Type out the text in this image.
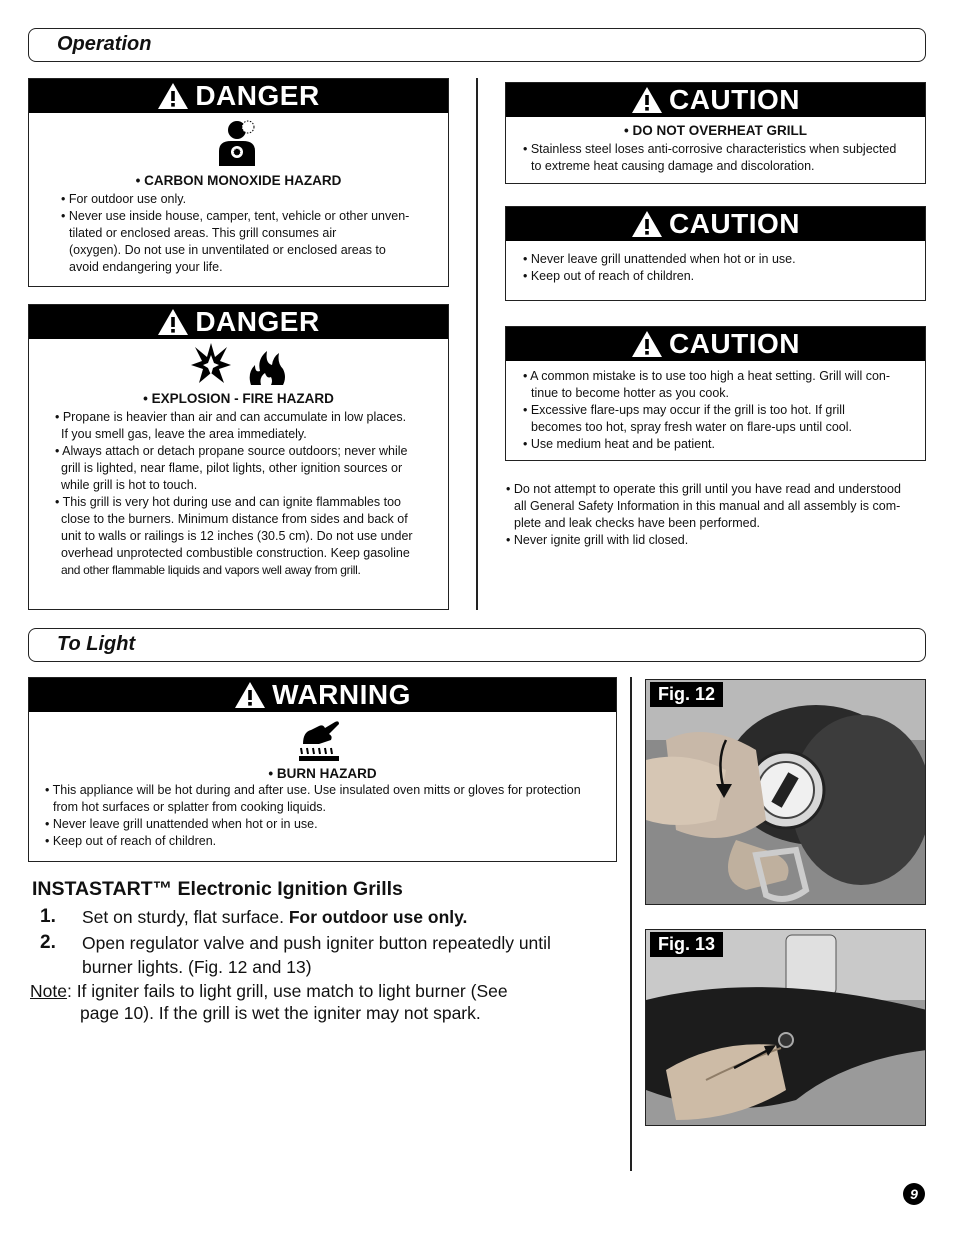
Operation
DANGER
• CARBON MONOXIDE HAZARD

• For outdoor use only.

• Never use inside house, camper, tent, vehicle or other unven-

tilated or enclosed areas. This grill consumes air

(oxygen). Do not use in unventilated or enclosed areas to

avoid endangering your life.

DANGER
• EXPLOSION - FIRE HAZARD

• Propane is heavier than air and can accumulate in low places.

If you smell gas, leave the area immediately.

• Always attach or detach propane source outdoors; never while

grill is lighted, near flame, pilot lights, other ignition sources or

while grill is hot to touch.

• This grill is very hot during use and can ignite flammables too

close to the burners. Minimum distance from sides and back of

unit to walls or railings is 12 inches (30.5 cm). Do not use under

overhead unprotected combustible construction. Keep gasoline

and other flammable liquids and vapors well away from grill.

CAUTION
• DO NOT OVERHEAT GRILL

• Stainless steel loses anti-corrosive characteristics when subjected

to extreme heat causing damage and discoloration.

CAUTION

• Never leave grill unattended when hot or in use.

• Keep out of reach of children.

CAUTION

• A common mistake is to use too high a heat setting. Grill will con-

tinue to become hotter as you cook.

• Excessive flare-ups may occur if the grill is too hot. If grill

becomes too hot, spray fresh water on flare-ups until cool.

• Use medium heat and be patient.

• Do not attempt to operate this grill until you have read and understood

all General Safety Information in this manual and all assembly is com-

plete and leak checks have been performed.

• Never ignite grill with lid closed.

To Light
WARNING
• BURN HAZARD

• This appliance will be hot during and after use. Use insulated oven mitts or gloves for protection

from hot surfaces or splatter from cooking liquids.

• Never leave grill unattended when hot or in use.

• Keep out of reach of children.

INSTASTART™ Electronic Ignition Grills
1. Set on sturdy, flat surface. For outdoor use only.
2. Open regulator valve and push igniter button repeatedly until
burner lights. (Fig. 12 and 13)
Note: If igniter fails to light grill, use match to light burner (See
page 10). If the grill is wet the igniter may not spark.
Fig. 12
Fig. 13
9
